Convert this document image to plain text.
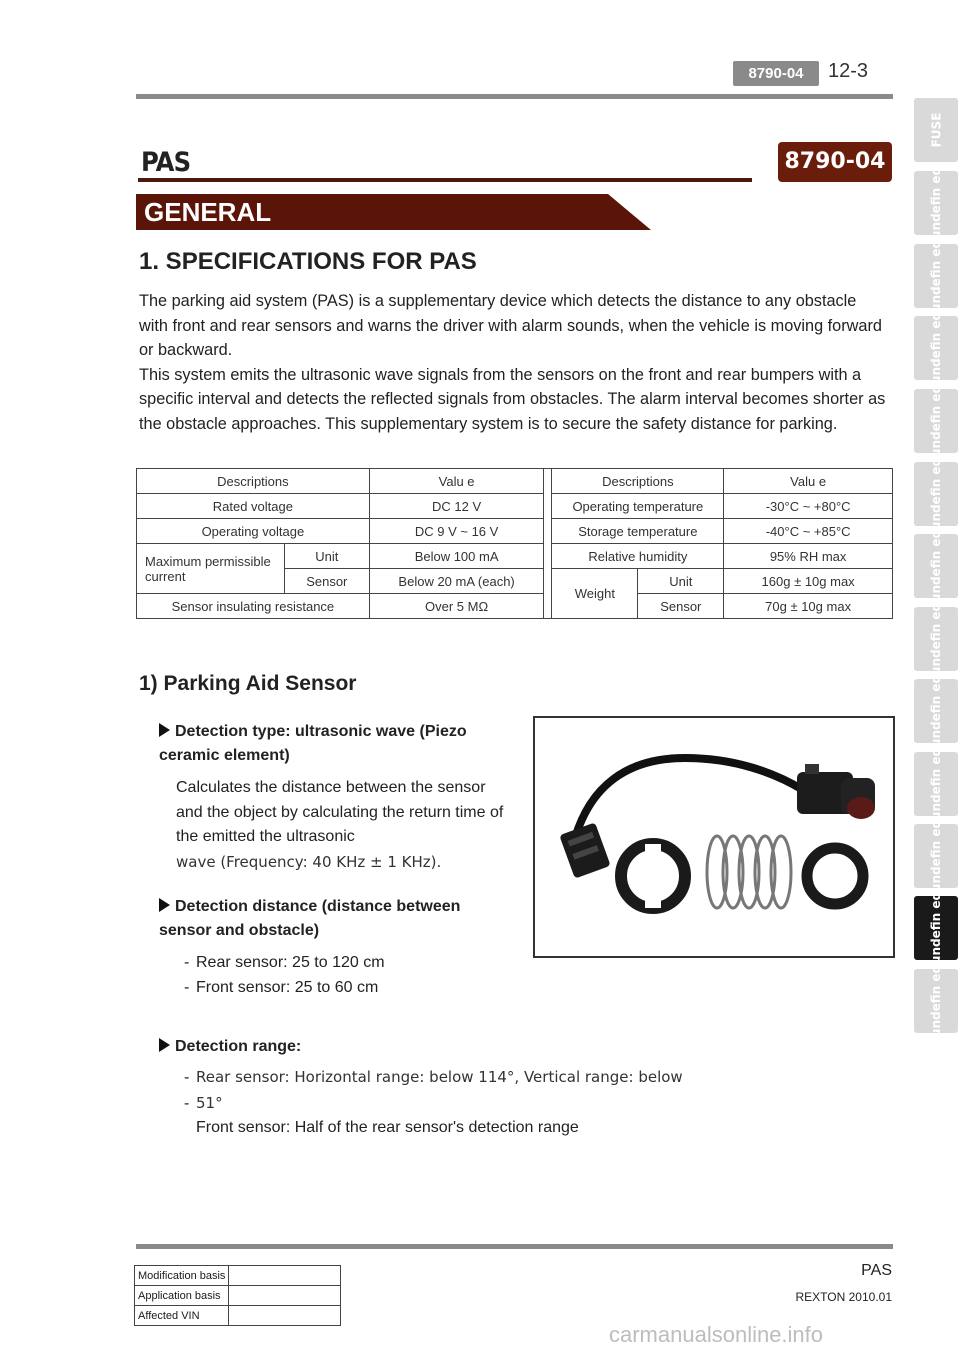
8790-04	12-3
PAS	8790-04
GENERAL
1. SPECIFICATIONS FOR PAS

The parking aid system (PAS) is a supplementary device which detects the distance to any obstacle with front and rear sensors and warns the driver with alarm sounds, when the vehicle is moving forward or backward.

This system emits the ultrasonic wave signals from the sensors on the front and rear bumpers with a specific interval and detects the reflected signals from obstacles. The alarm interval becomes shorter as the obstacle approaches. This supplementary system is to secure the safety distance for parking.

Descriptions		Valu e		Descriptions		Valu e
Rated voltage		DC 12 V		Operating temperature		-30°C ~ +80°C
Operating voltage		DC 9 V ~ 16 V		Storage temperature		-40°C ~ +85°C
Maximum permissible current	Unit	Below 100 mA		Relative humidity		95% RH max
	Sensor	Below 20 mA (each)		Weight	Unit	160g ± 10g max
Sensor insulating resistance		Over 5 MΩ			Sensor	70g ± 10g max
1) Parking Aid Sensor
Detection type: ultrasonic wave (Piezo ceramic element)
Calculates the distance between the sensor and the object by calculating the return time of the emitted the ultrasonic
wave (Frequency: 40 KHz ± 1 KHz).
Detection distance (distance between sensor and obstacle)
- Rear sensor: 25 to 120 cm
- Front sensor: 25 to 60 cm
Detection range:
- Rear sensor: Horizontal range: below 114°, Vertical range: below
- 51°
Front sensor: Half of the rear sensor's detection range
PAS
REXTON 2010.01
Modification basis	
Application basis	
Affected VIN	
carmanualsonline.info
FUSE
undefin ed
undefin ed
undefin ed
undefin ed
undefin ed
undefin ed
undefin ed
undefin ed
undefin ed
undefin ed
undefin ed
undefin ed
